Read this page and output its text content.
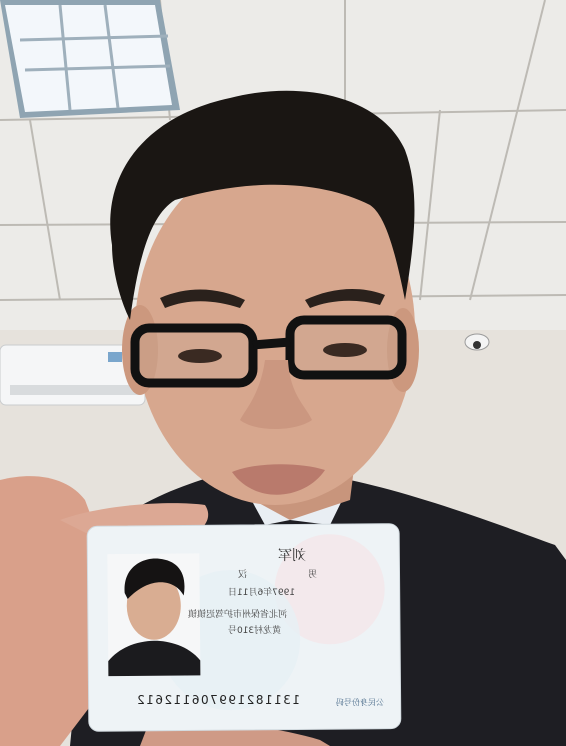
刘军
男
汉
1997年6月11日
河北省保州市护驾迟镇镇
黄龙村310号
公民身份号码
131182199706112612
